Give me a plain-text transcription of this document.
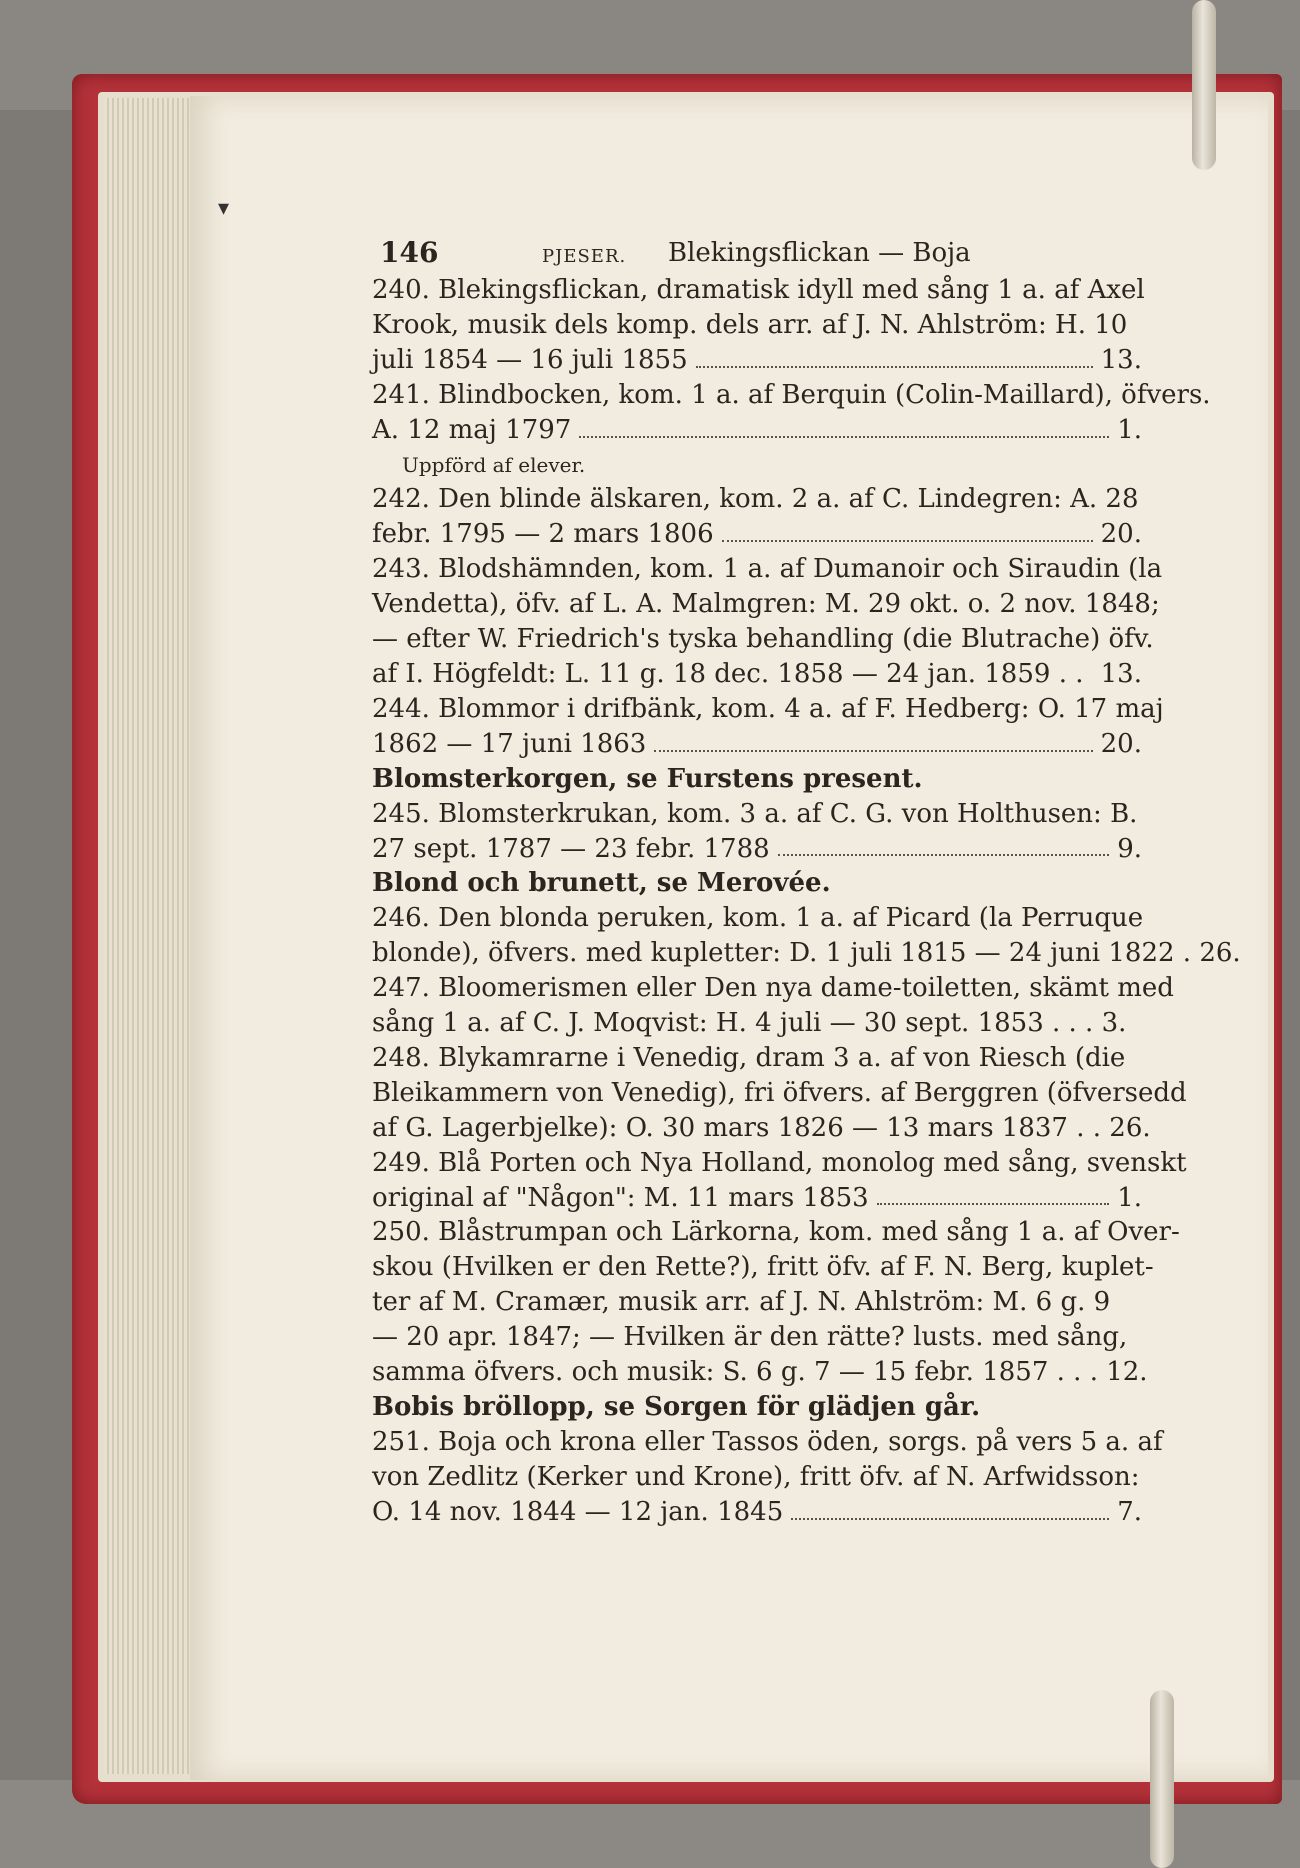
▾
146	PJESER. Blekingsflickan — Boja
240. Blekingsflickan, dramatisk idyll med sång 1 a. af Axel
Krook, musik dels komp. dels arr. af J. N. Ahlström: H. 10
juli 1854 — 16 juli 1855	13.
241. Blindbocken, kom. 1 a. af Berquin (Colin-Maillard), öfvers.
A. 12 maj 1797	1.
Uppförd af elever.
242. Den blinde älskaren, kom. 2 a. af C. Lindegren: A. 28
febr. 1795 — 2 mars 1806	20.
243. Blodshämnden, kom. 1 a. af Dumanoir och Siraudin (la
Vendetta), öfv. af L. A. Malmgren: M. 29 okt. o. 2 nov. 1848;
— efter W. Friedrich's tyska behandling (die Blutrache) öfv.
af I. Högfeldt: L. 11 g. 18 dec. 1858 — 24 jan. 1859 . . 13.
244. Blommor i drifbänk, kom. 4 a. af F. Hedberg: O. 17 maj
1862 — 17 juni 1863	20.
Blomsterkorgen, se Furstens present.
245. Blomsterkrukan, kom. 3 a. af C. G. von Holthusen: B.
27 sept. 1787 — 23 febr. 1788	9.
Blond och brunett, se Merovée.
246. Den blonda peruken, kom. 1 a. af Picard (la Perruque
blonde), öfvers. med kupletter: D. 1 juli 1815 — 24 juni 1822 . 26.
247. Bloomerismen eller Den nya dame-toiletten, skämt med
sång 1 a. af C. J. Moqvist: H. 4 juli — 30 sept. 1853 . . . 3.
248. Blykamrarne i Venedig, dram 3 a. af von Riesch (die
Bleikammern von Venedig), fri öfvers. af Berggren (öfversedd
af G. Lagerbjelke): O. 30 mars 1826 — 13 mars 1837 . . 26.
249. Blå Porten och Nya Holland, monolog med sång, svenskt
original af "Någon": M. 11 mars 1853	1.
250. Blåstrumpan och Lärkorna, kom. med sång 1 a. af Over-
skou (Hvilken er den Rette?), fritt öfv. af F. N. Berg, kuplet-
ter af M. Cramær, musik arr. af J. N. Ahlström: M. 6 g. 9
— 20 apr. 1847; — Hvilken är den rätte? lusts. med sång,
samma öfvers. och musik: S. 6 g. 7 — 15 febr. 1857 . . . 12.
Bobis bröllopp, se Sorgen för glädjen går.
251. Boja och krona eller Tassos öden, sorgs. på vers 5 a. af
von Zedlitz (Kerker und Krone), fritt öfv. af N. Arfwidsson:
O. 14 nov. 1844 — 12 jan. 1845	7.
